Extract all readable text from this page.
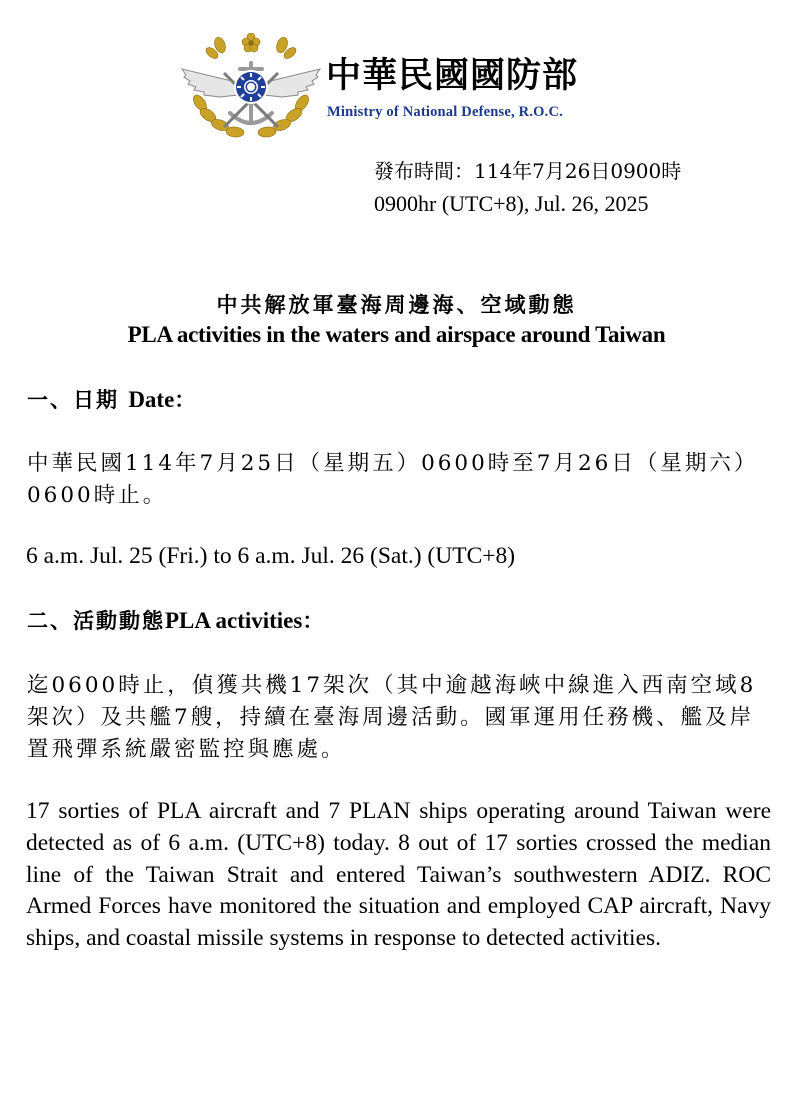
中華民國國防部
Ministry of National Defense, R.O.C.
發布時間：114年7月26日0900時
0900hr (UTC+8), Jul. 26, 2025
中共解放軍臺海周邊海、空域動態
PLA activities in the waters and airspace around Taiwan
一、日期 Date：
中華民國114年7月25日（星期五）0600時至7月26日（星期六）0600時止。
6 a.m. Jul. 25 (Fri.) to 6 a.m. Jul. 26 (Sat.) (UTC+8)
二、活動動態PLA activities：
迄0600時止，偵獲共機17架次（其中逾越海峽中線進入西南空域8架次）及共艦7艘，持續在臺海周邊活動。國軍運用任務機、艦及岸置飛彈系統嚴密監控與應處。
17 sorties of PLA aircraft and 7 PLAN ships operating around Taiwan were detected as of 6 a.m. (UTC+8) today. 8 out of 17 sorties crossed the median line of the Taiwan Strait and entered Taiwan’s southwestern ADIZ. ROC Armed Forces have monitored the situation and employed CAP aircraft, Navy ships, and coastal missile systems in response to detected activities.
